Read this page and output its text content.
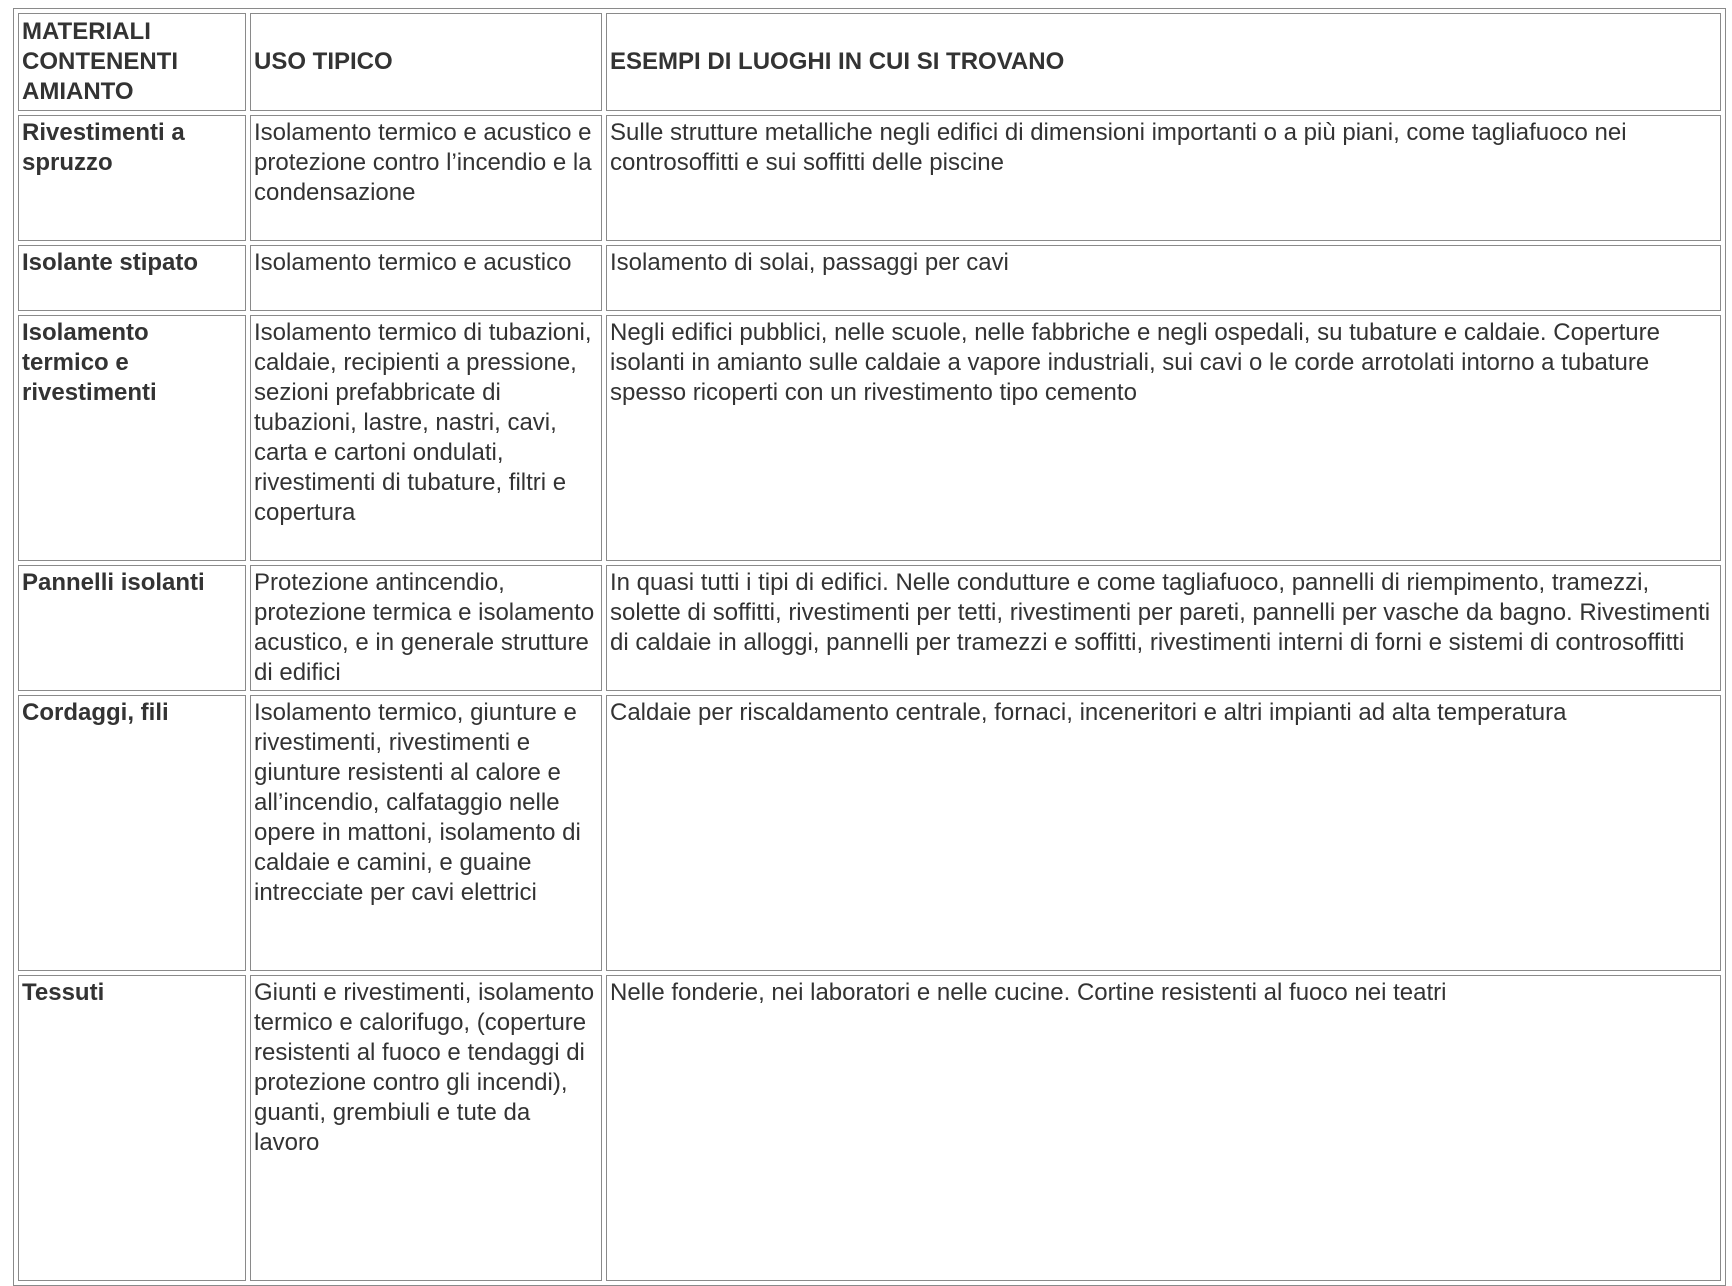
MATERIALI CONTENENTI AMIANTO	USO TIPICO	ESEMPI DI LUOGHI IN CUI SI TROVANO
Rivestimenti a spruzzo	Isolamento termico e acustico e protezione contro l’incendio e la condensazione	Sulle strutture metalliche negli edifici di dimensioni importanti o a più piani, come tagliafuoco nei controsoffitti e sui soffitti delle piscine
Isolante stipato	Isolamento termico e acustico	Isolamento di solai, passaggi per cavi
Isolamento termico e rivestimenti	Isolamento termico di tubazioni, caldaie, recipienti a pressione, sezioni prefabbricate di tubazioni, lastre, nastri, cavi, carta e cartoni ondulati, rivestimenti di tubature, filtri e copertura	Negli edifici pubblici, nelle scuole, nelle fabbriche e negli ospedali, su tubature e caldaie. Coperture isolanti in amianto sulle caldaie a vapore industriali, sui cavi o le corde arrotolati intorno a tubature spesso ricoperti con un rivestimento tipo cemento
Pannelli isolanti	Protezione antincendio, protezione termica e isolamento acustico, e in generale strutture di edifici	In quasi tutti i tipi di edifici. Nelle condutture e come tagliafuoco, pannelli di riempimento, tramezzi, solette di soffitti, rivestimenti per tetti, rivestimenti per pareti, pannelli per vasche da bagno. Rivestimenti di caldaie in alloggi, pannelli per tramezzi e soffitti, rivestimenti interni di forni e sistemi di controsoffitti
Cordaggi, fili	Isolamento termico, giunture e rivestimenti, rivestimenti e giunture resistenti al calore e all’incendio, calfataggio nelle opere in mattoni, isolamento di caldaie e camini, e guaine intrecciate per cavi elettrici	Caldaie per riscaldamento centrale, fornaci, inceneritori e altri impianti ad alta temperatura
Tessuti	Giunti e rivestimenti, isolamento termico e calorifugo, (coperture resistenti al fuoco e tendaggi di protezione contro gli incendi), guanti, grembiuli e tute da lavoro	Nelle fonderie, nei laboratori e nelle cucine. Cortine resistenti al fuoco nei teatri
